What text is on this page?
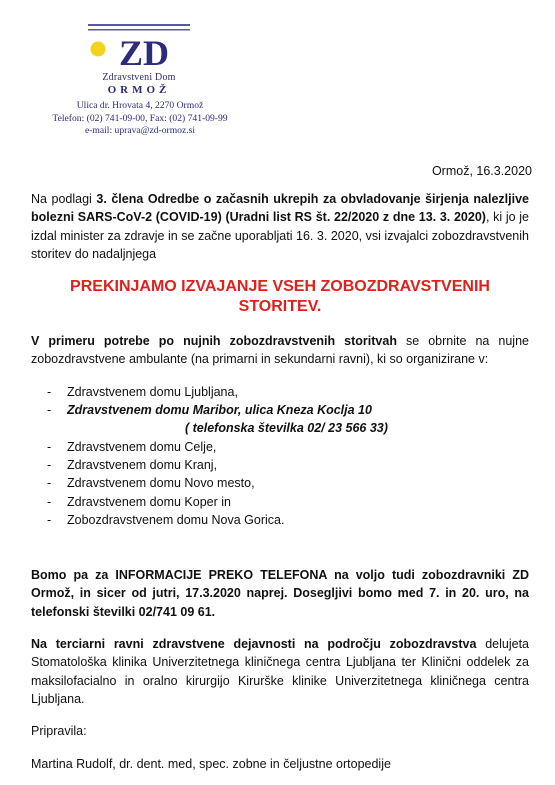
ZD
Zdravstveni Dom
ORMOŽ
Ulica dr. Hrovata 4, 2270 Ormož
Telefon: (02) 741-09-00, Fax: (02) 741-09-99
e-mail: uprava@zd-ormoz.si
Ormož, 16.3.2020

Na podlagi 3. člena Odredbe o začasnih ukrepih za obvladovanje širjenja nalezljive bolezni SARS-CoV-2 (COVID-19) (Uradni list RS št. 22/2020 z dne 13. 3. 2020), ki jo je izdal minister za zdravje in se začne uporabljati 16. 3. 2020, vsi izvajalci zobozdravstvenih storitev do nadaljnjega

PREKINJAMO IZVAJANJE VSEH ZOBOZDRAVSTVENIH STORITEV.

V primeru potrebe po nujnih zobozdravstvenih storitvah se obrnite na nujne zobozdravstvene ambulante (na primarni in sekundarni ravni), ki so organizirane v:

- Zdravstvenem domu Ljubljana,
- Zdravstvenem domu Maribor, ulica Kneza Koclja 10
( telefonska številka 02/ 23 566 33)
- Zdravstvenem domu Celje,
- Zdravstvenem domu Kranj,
- Zdravstvenem domu Novo mesto,
- Zdravstvenem domu Koper in
- Zobozdravstvenem domu Nova Gorica.

Bomo pa za INFORMACIJE PREKO TELEFONA na voljo tudi zobozdravniki ZD Ormož, in sicer od jutri, 17.3.2020 naprej. Dosegljivi bomo med 7. in 20. uro, na telefonski številki 02/741 09 61.

Na terciarni ravni zdravstvene dejavnosti na področju zobozdravstva delujeta Stomatološka klinika Univerzitetnega kliničnega centra Ljubljana ter Klinični oddelek za maksilofacialno in oralno kirurgijo Kirurške klinike Univerzitetnega kliničnega centra Ljubljana.

Pripravila:

Martina Rudolf, dr. dent. med, spec. zobne in čeljustne ortopedije
